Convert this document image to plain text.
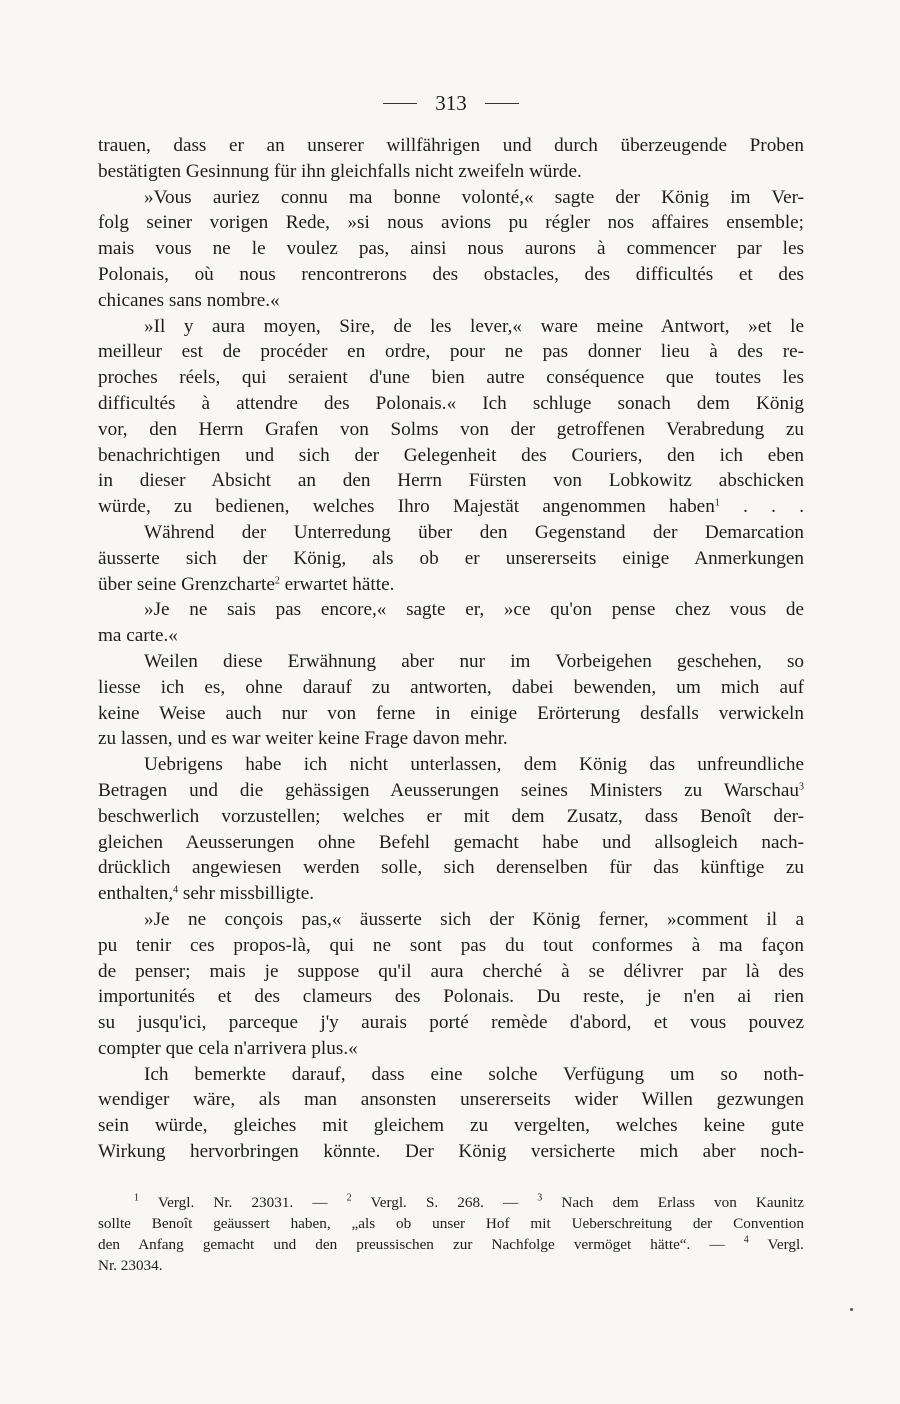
313
trauen, dass er an unserer willfährigen und durch überzeugende Proben
bestätigten Gesinnung für ihn gleichfalls nicht zweifeln würde.
»Vous auriez connu ma bonne volonté,« sagte der König im Ver-
folg seiner vorigen Rede, »si nous avions pu régler nos affaires ensemble;
mais vous ne le voulez pas, ainsi nous aurons à commencer par les
Polonais, où nous rencontrerons des obstacles, des difficultés et des
chicanes sans nombre.«
»Il y aura moyen, Sire, de les lever,« ware meine Antwort, »et le
meilleur est de procéder en ordre, pour ne pas donner lieu à des re-
proches réels, qui seraient d'une bien autre conséquence que toutes les
difficultés à attendre des Polonais.« Ich schluge sonach dem König
vor, den Herrn Grafen von Solms von der getroffenen Verabredung zu
benachrichtigen und sich der Gelegenheit des Couriers, den ich eben
in dieser Absicht an den Herrn Fürsten von Lobkowitz abschicken
würde, zu bedienen, welches Ihro Majestät angenommen haben$^1$ . . .
Während der Unterredung über den Gegenstand der Demarcation
äusserte sich der König, als ob er unsererseits einige Anmerkungen
über seine Grenzcharte$^2$ erwartet hätte.
»Je ne sais pas encore,« sagte er, »ce qu'on pense chez vous de
ma carte.«
Weilen diese Erwähnung aber nur im Vorbeigehen geschehen, so
liesse ich es, ohne darauf zu antworten, dabei bewenden, um mich auf
keine Weise auch nur von ferne in einige Erörterung desfalls verwickeln
zu lassen, und es war weiter keine Frage davon mehr.
Uebrigens habe ich nicht unterlassen, dem König das unfreundliche
Betragen und die gehässigen Aeusserungen seines Ministers zu Warschau$^3$
beschwerlich vorzustellen; welches er mit dem Zusatz, dass Benoît der-
gleichen Aeusserungen ohne Befehl gemacht habe und allsogleich nach-
drücklich angewiesen werden solle, sich derenselben für das künftige zu
enthalten,$^4$ sehr missbilligte.
»Je ne conçois pas,« äusserte sich der König ferner, »comment il a
pu tenir ces propos-là, qui ne sont pas du tout conformes à ma façon
de penser; mais je suppose qu'il aura cherché à se délivrer par là des
importunités et des clameurs des Polonais. Du reste, je n'en ai rien
su jusqu'ici, parceque j'y aurais porté remède d'abord, et vous pouvez
compter que cela n'arrivera plus.«
Ich bemerkte darauf, dass eine solche Verfügung um so noth-
wendiger wäre, als man ansonsten unsererseits wider Willen gezwungen
sein würde, gleiches mit gleichem zu vergelten, welches keine gute
Wirkung hervorbringen könnte. Der König versicherte mich aber noch-
$^1$ Vergl. Nr. 23031. — $^2$ Vergl. S. 268. — $^3$ Nach dem Erlass von Kaunitz
sollte Benoît geäussert haben, „als ob unser Hof mit Ueberschreitung der Convention
den Anfang gemacht und den preussischen zur Nachfolge vermöget hätte“. — $^4$ Vergl.
Nr. 23034.
